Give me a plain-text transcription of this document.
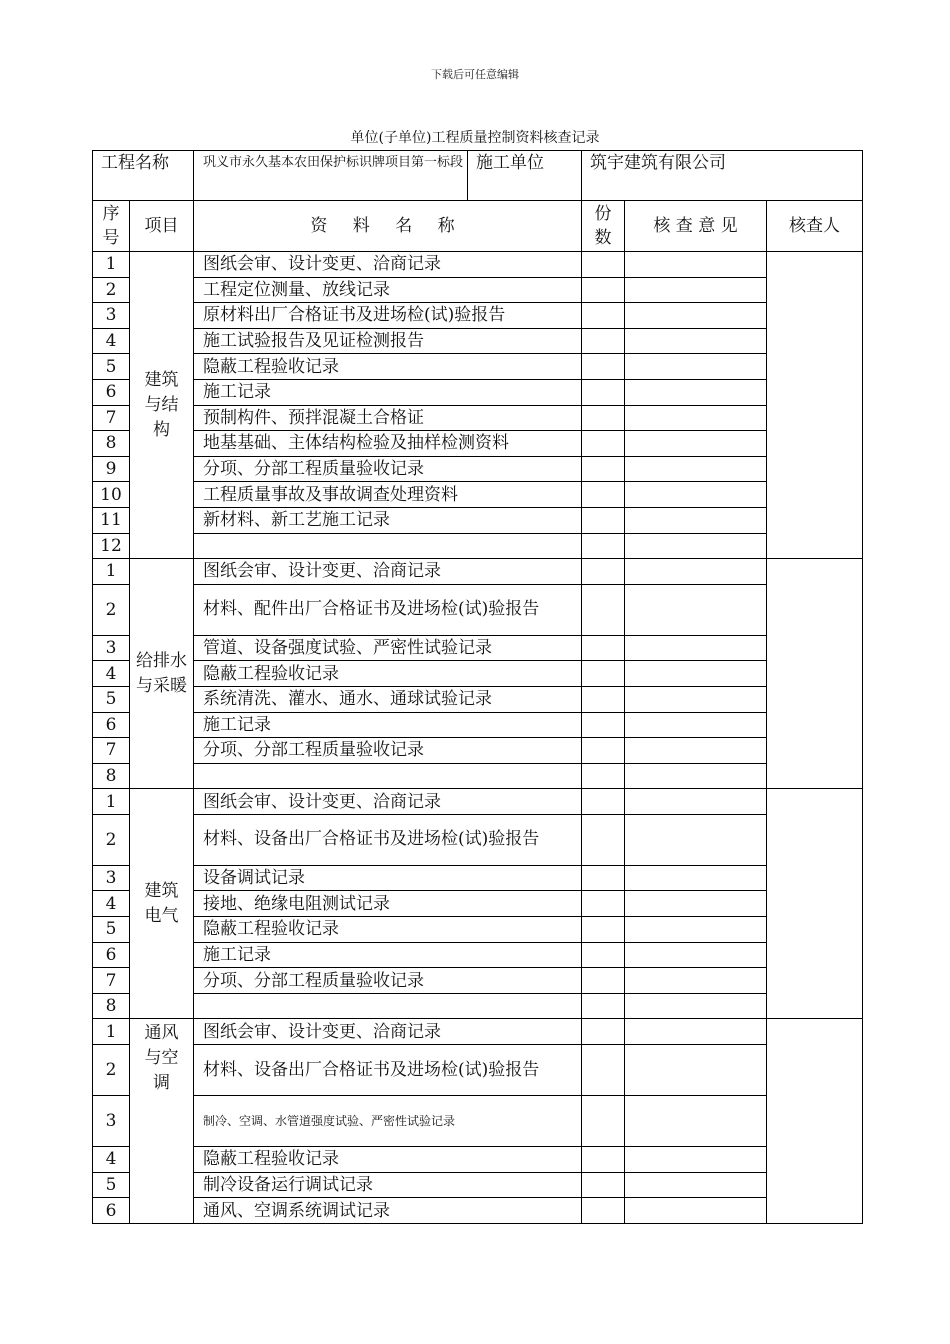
下载后可任意编辑
单位(子单位)工程质量控制资料核查记录
工程名称		巩义市永久基本农田保护标识牌项目第一标段	施工单位	筑宇建筑有限公司		
序号	项目	资 料 名 称		份数	核 查 意 见	核查人
1	建筑与结构	图纸会审、设计变更、洽商记录				
2		工程定位测量、放线记录				
3		原材料出厂合格证书及进场检(试)验报告				
4		施工试验报告及见证检测报告				
5		隐蔽工程验收记录				
6		施工记录				
7		预制构件、预拌混凝土合格证				
8		地基基础、主体结构检验及抽样检测资料				
9		分项、分部工程质量验收记录				
10		工程质量事故及事故调查处理资料				
11		新材料、新工艺施工记录				
12						
1	给排水与采暖	图纸会审、设计变更、洽商记录				
2		材料、配件出厂合格证书及进场检(试)验报告				
3		管道、设备强度试验、严密性试验记录				
4		隐蔽工程验收记录				
5		系统清洗、灌水、通水、通球试验记录				
6		施工记录				
7		分项、分部工程质量验收记录				
8						
1	建筑电气	图纸会审、设计变更、洽商记录				
2		材料、设备出厂合格证书及进场检(试)验报告				
3		设备调试记录				
4		接地、绝缘电阻测试记录				
5		隐蔽工程验收记录				
6		施工记录				
7		分项、分部工程质量验收记录				
8						
1	通风与空调	图纸会审、设计变更、洽商记录				
2		材料、设备出厂合格证书及进场检(试)验报告				
3		制冷、空调、水管道强度试验、严密性试验记录				
4		隐蔽工程验收记录				
5		制冷设备运行调试记录				
6		通风、空调系统调试记录				
